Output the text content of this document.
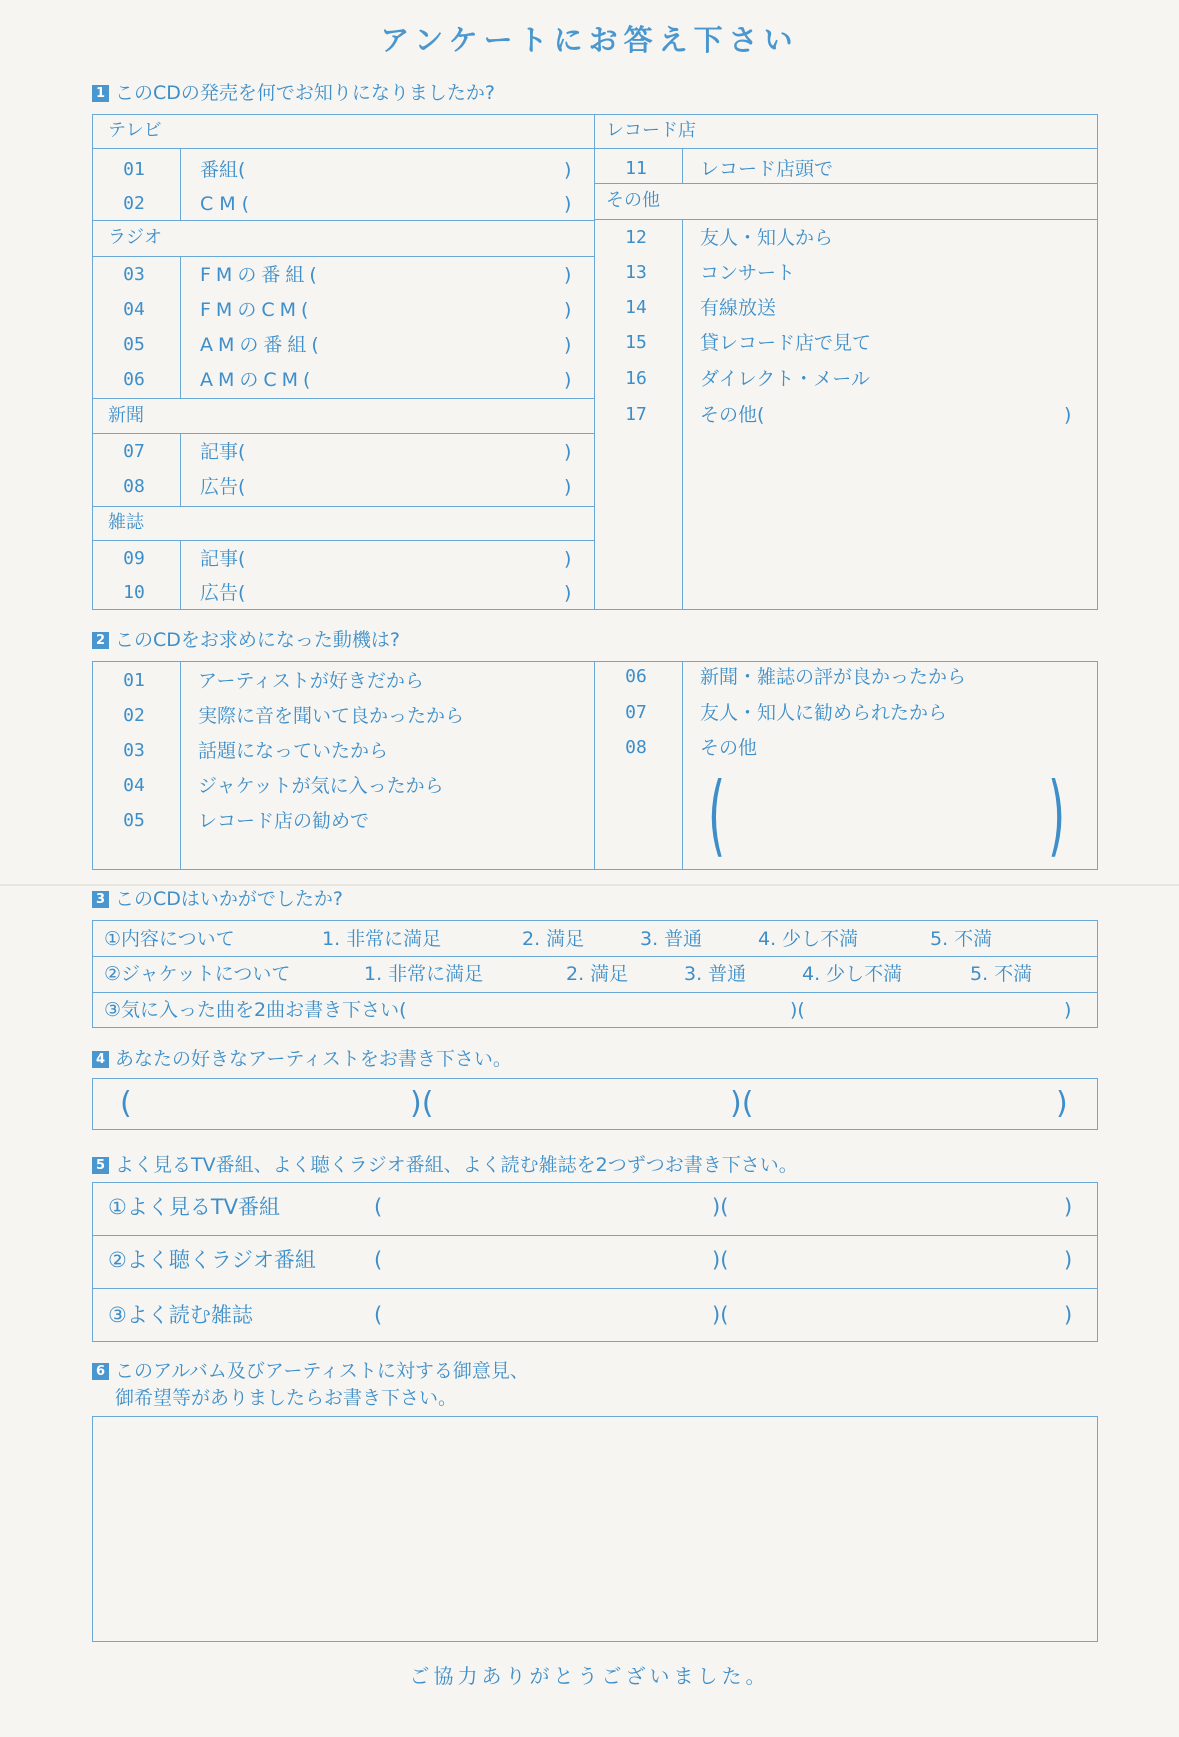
アンケートにお答え下さい
1 このCDの発売を何でお知りになりましたか?
テレビ
01	番組(	)
02	CM(	)
ラジオ
03	FMの番組(	)
04	FMのCM(	)
05	AMの番組(	)
06	AMのCM(	)
新聞
07	記事(	)
08	広告(	)
雑誌
09	記事(	)
10	広告(	)
レコード店
11	レコード店頭で
その他
12	友人・知人から
13	コンサート
14	有線放送
15	貸レコード店で見て
16	ダイレクト・メール
17	その他(	)
2 このCDをお求めになった動機は?
01	アーティストが好きだから
02	実際に音を聞いて良かったから
03	話題になっていたから
04	ジャケットが気に入ったから
05	レコード店の勧めで
06	新聞・雑誌の評が良かったから
07	友人・知人に勧められたから
08	その他
(	)
3 このCDはいかがでしたか?
①内容について	1. 非常に満足	2. 満足	3. 普通	4. 少し不満	5. 不満
②ジャケットについて	1. 非常に満足	2. 満足	3. 普通	4. 少し不満	5. 不満
③気に入った曲を2曲お書き下さい(	)(	)
4 あなたの好きなアーティストをお書き下さい。
(	)(	)(	)
5 よく見るTV番組、よく聴くラジオ番組、よく読む雑誌を2つずつお書き下さい。
①よく見るTV番組	(	)(	)
②よく聴くラジオ番組	(	)(	)
③よく読む雑誌	(	)(	)
6 このアルバム及びアーティストに対する御意見、
御希望等がありましたらお書き下さい。
ご協力ありがとうございました。
